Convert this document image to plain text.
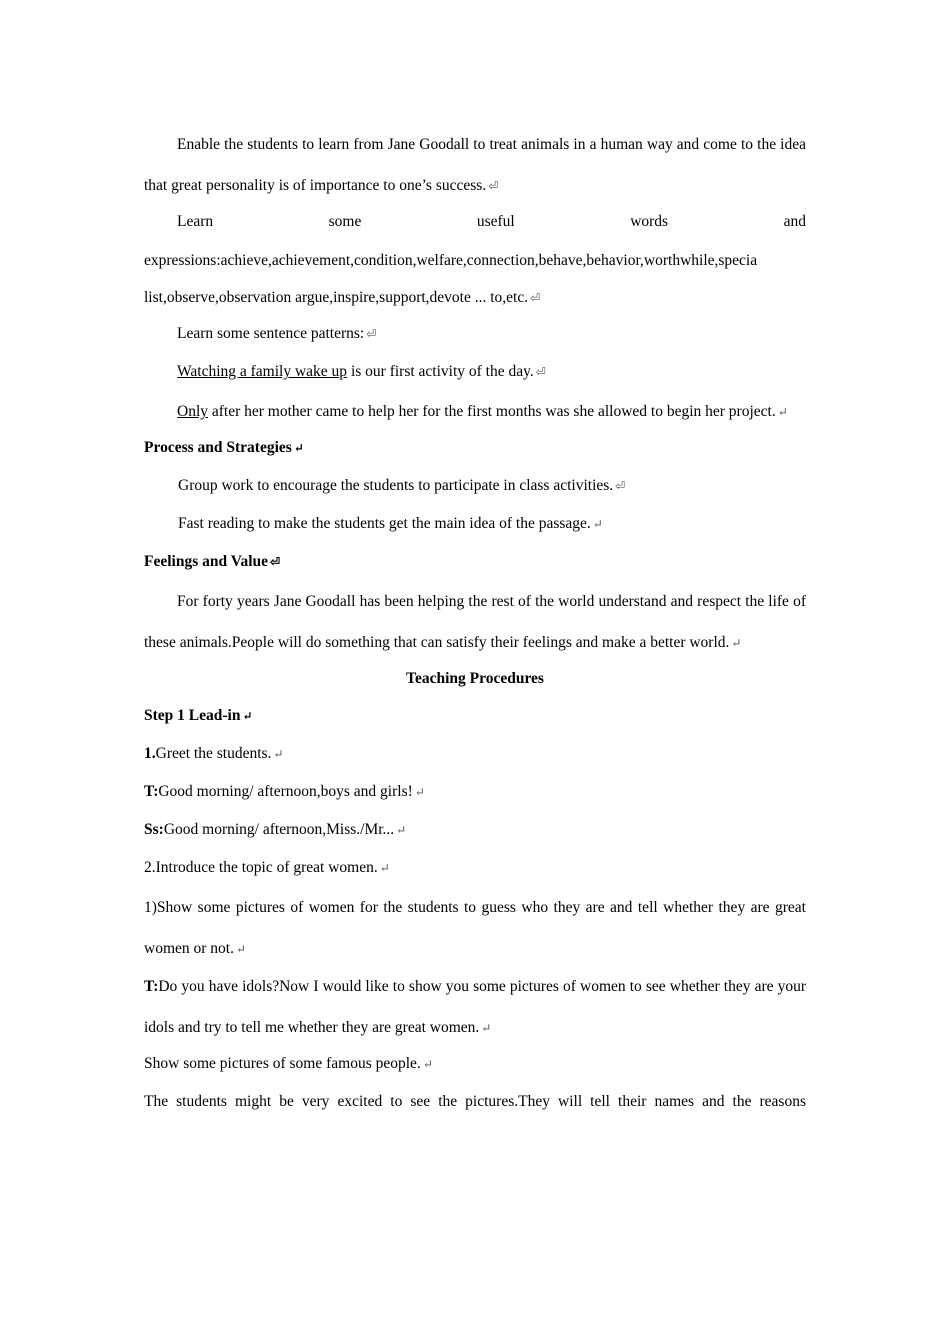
Enable the students to learn from Jane Goodall to treat animals in a human way and come to the idea that great personality is of importance to one’s success. ⏎

Learn	some	useful	words	and

expressions:achieve,achievement,condition,welfare,connection,behave,behavior,worthwhile,specia

list,observe,observation argue,inspire,support,devote ... to,etc. ⏎

Learn some sentence patterns: ⏎

Watching a family wake up is our first activity of the day. ⏎

Only after her mother came to help her for the first months was she allowed to begin her project. ↵

Process and Strategies ↵

Group work to encourage the students to participate in class activities. ⏎

Fast reading to make the students get the main idea of the passage. ↵

Feelings and Value ⏎

For forty years Jane Goodall has been helping the rest of the world understand and respect the life of these animals.People will do something that can satisfy their feelings and make a better world. ↵

Teaching Procedures

Step 1 Lead-in ↵

1.Greet the students. ↵

T:Good morning/ afternoon,boys and girls! ↵

Ss:Good morning/ afternoon,Miss./Mr... ↵

2.Introduce the topic of great women. ↵

1)Show some pictures of women for the students to guess who they are and tell whether they are great women or not. ↵

T:Do you have idols?Now I would like to show you some pictures of women to see whether they are your idols and try to tell me whether they are great women. ↵

Show some pictures of some famous people. ↵

The students might be very excited to see the pictures.They will tell their names and the reasons
